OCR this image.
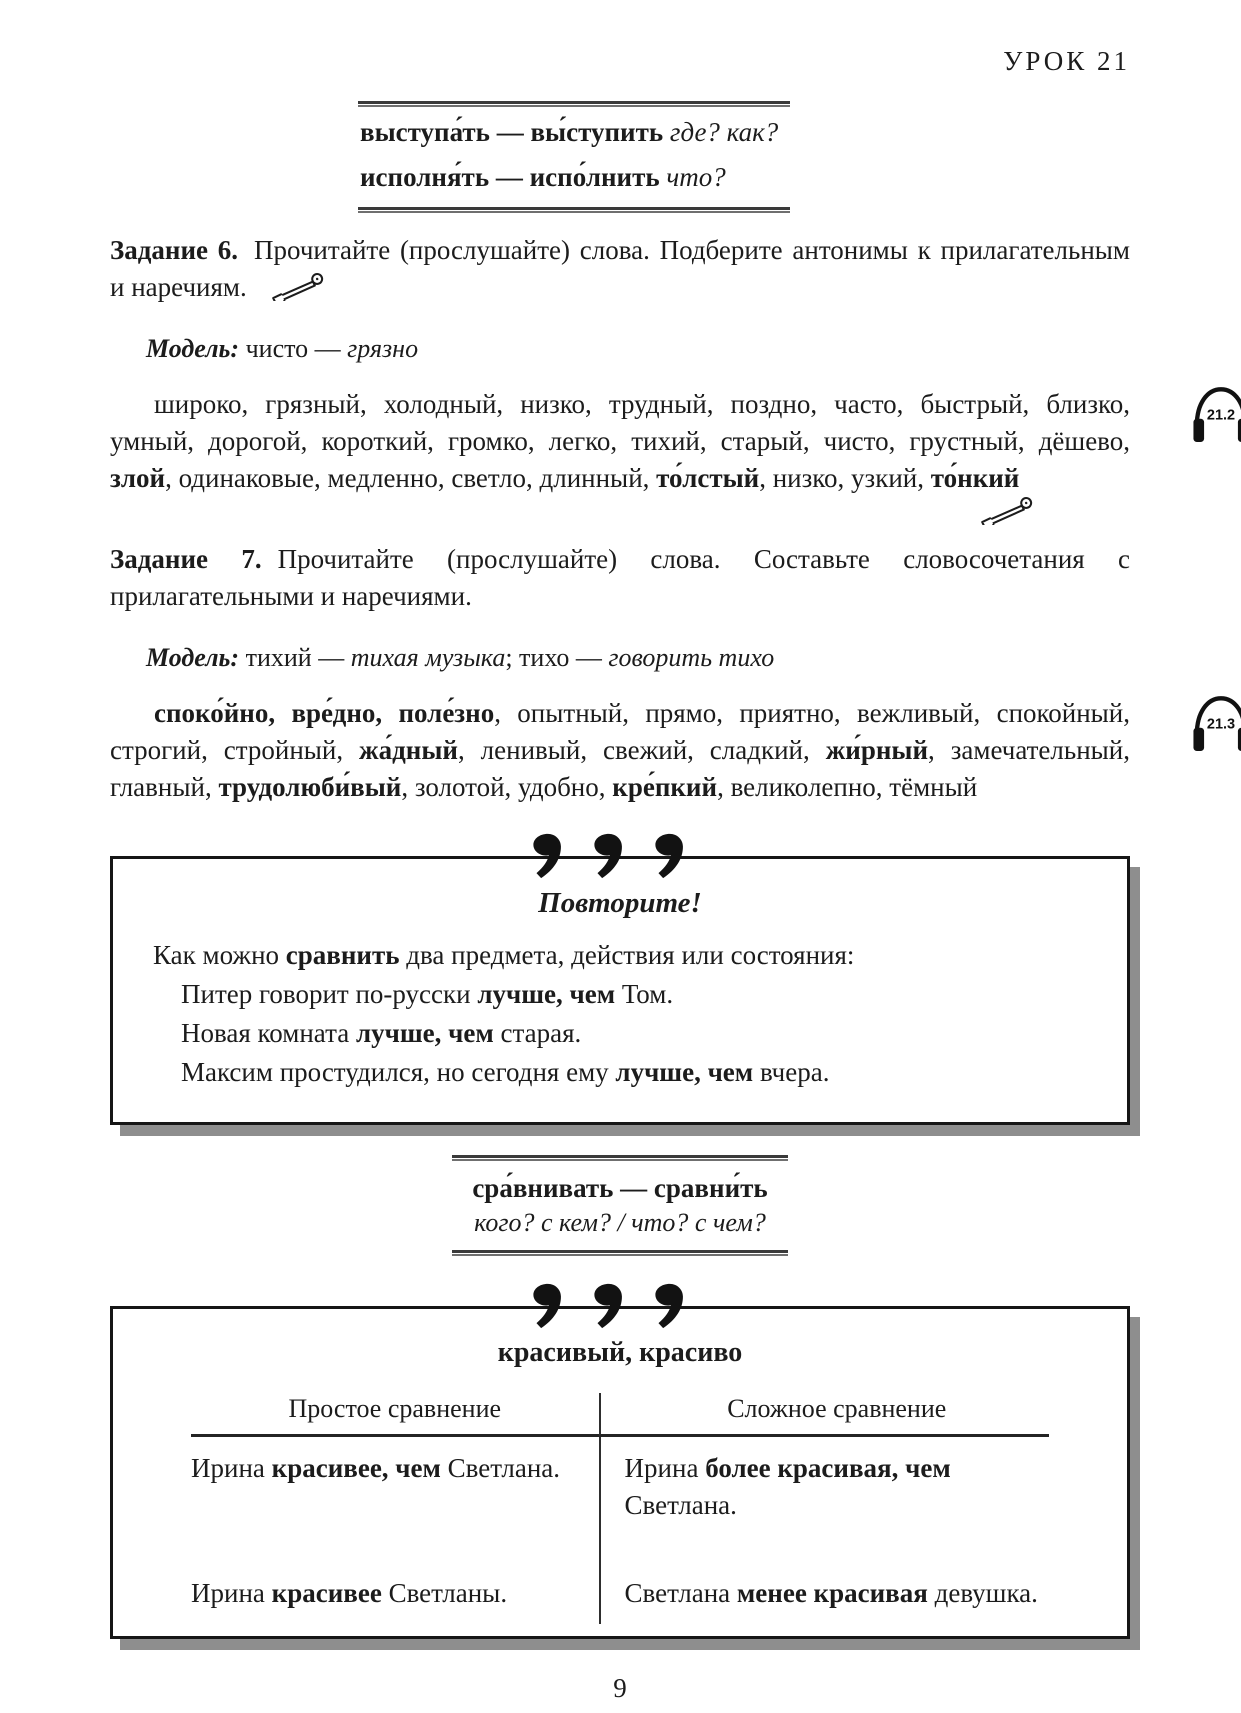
УРОК 21
выступа́ть — вы́ступить где? как?
исполня́ть — испо́лнить что?
Задание 6. Прочитайте (прослушайте) слова. Подберите антонимы к прилагательным и наречиям.
Модель: чисто — грязно
широко, грязный, холодный, низко, трудный, поздно, часто, быстрый, близко, умный, дорогой, короткий, громко, легко, тихий, старый, чисто, грустный, дёшево, злой, одинаковые, медленно, светло, длинный, то́лстый, низко, узкий, то́нкий
21.2
Задание 7. Прочитайте (прослушайте) слова. Составьте словосочетания с прилагательными и наречиями.
Модель: тихий — тихая музыка; тихо — говорить тихо
споко́йно, вре́дно, поле́зно, опытный, прямо, приятно, вежливый, спокойный, строгий, стройный, жа́дный, ленивый, свежий, сладкий, жи́рный, замечательный, главный, трудолюби́вый, золотой, удобно, кре́пкий, великолепно, тёмный
21.3
Повторите!
Как можно сравнить два предмета, действия или состояния:
Питер говорит по-русски лучше, чем Том.
Новая комната лучше, чем старая.
Максим простудился, но сегодня ему лучше, чем вчера.
сра́внивать — сравни́ть
кого? с кем? / что? с чем?
красивый, красиво
Простое сравнение	Сложное сравнение
Ирина красивее, чем Светлана.	Ирина более красивая, чем Светлана.
Ирина красивее Светланы.	Светлана менее красивая девушка.
9
